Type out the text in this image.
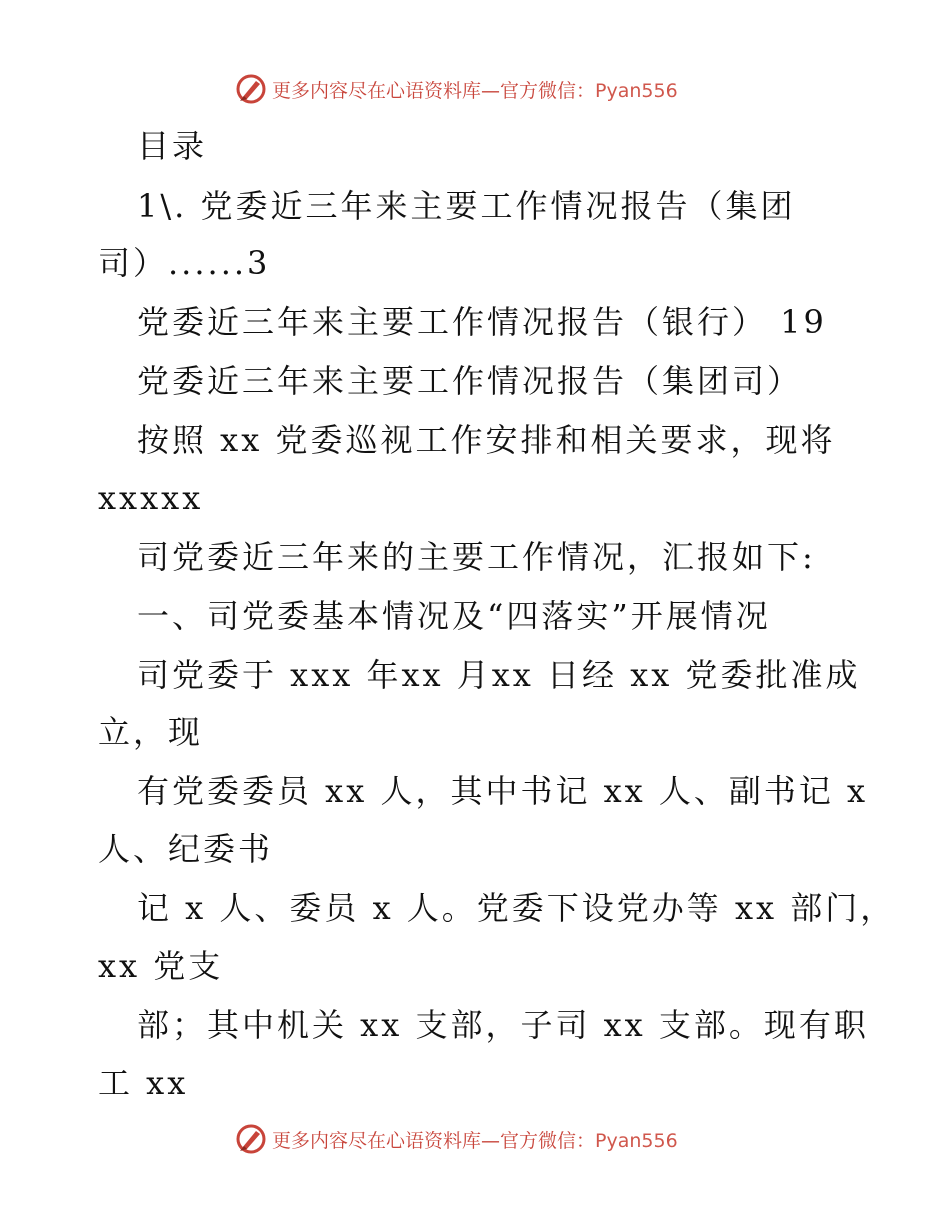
更多内容尽在心语资料库—官方微信：Pyan556
目录
1\. 党委近三年来主要工作情况报告（集团
司）......3
党委近三年来主要工作情况报告（银行） 19
党委近三年来主要工作情况报告（集团司）
按照 xx 党委巡视工作安排和相关要求，现将
xxxxx
司党委近三年来的主要工作情况，汇报如下:
一、司党委基本情况及“四落实”开展情况
司党委于 xxx 年xx 月xx 日经 xx 党委批准成
立，现
有党委委员 xx 人，其中书记 xx 人、副书记 x
人、纪委书
记 x 人、委员 x 人。党委下设党办等 xx 部门，
xx 党支
部；其中机关 xx 支部，子司 xx 支部。现有职
工 xx
更多内容尽在心语资料库—官方微信：Pyan556
